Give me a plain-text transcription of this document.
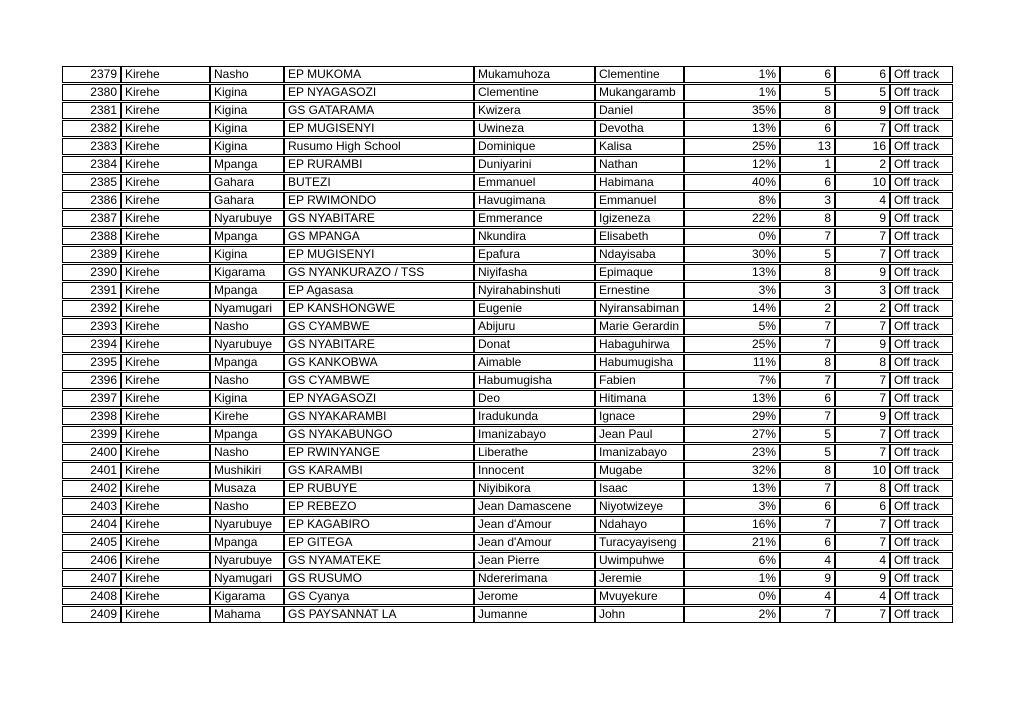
2379	Kirehe	Nasho	EP MUKOMA	Mukamuhoza	Clementine	1%	6	6	Off track
2380	Kirehe	Kigina	EP NYAGASOZI	Clementine	Mukangaramb	1%	5	5	Off track
2381	Kirehe	Kigina	GS GATARAMA	Kwizera	Daniel	35%	8	9	Off track
2382	Kirehe	Kigina	EP MUGISENYI	Uwineza	Devotha	13%	6	7	Off track
2383	Kirehe	Kigina	Rusumo High School	Dominique	Kalisa	25%	13	16	Off track
2384	Kirehe	Mpanga	EP RURAMBI	Duniyarini	Nathan	12%	1	2	Off track
2385	Kirehe	Gahara	BUTEZI	Emmanuel	Habimana	40%	6	10	Off track
2386	Kirehe	Gahara	EP RWIMONDO	Havugimana	Emmanuel	8%	3	4	Off track
2387	Kirehe	Nyarubuye	GS NYABITARE	Emmerance	Igizeneza	22%	8	9	Off track
2388	Kirehe	Mpanga	GS MPANGA	Nkundira	Elisabeth	0%	7	7	Off track
2389	Kirehe	Kigina	EP MUGISENYI	Epafura	Ndayisaba	30%	5	7	Off track
2390	Kirehe	Kigarama	GS NYANKURAZO / TSS	Niyifasha	Epimaque	13%	8	9	Off track
2391	Kirehe	Mpanga	EP Agasasa	Nyirahabinshuti	Ernestine	3%	3	3	Off track
2392	Kirehe	Nyamugari	EP KANSHONGWE	Eugenie	Nyiransabiman	14%	2	2	Off track
2393	Kirehe	Nasho	GS CYAMBWE	Abijuru	Marie Gerardin	5%	7	7	Off track
2394	Kirehe	Nyarubuye	GS NYABITARE	Donat	Habaguhirwa	25%	7	9	Off track
2395	Kirehe	Mpanga	GS KANKOBWA	Aimable	Habumugisha	11%	8	8	Off track
2396	Kirehe	Nasho	GS CYAMBWE	Habumugisha	Fabien	7%	7	7	Off track
2397	Kirehe	Kigina	EP NYAGASOZI	Deo	Hitimana	13%	6	7	Off track
2398	Kirehe	Kirehe	GS NYAKARAMBI	Iradukunda	Ignace	29%	7	9	Off track
2399	Kirehe	Mpanga	GS NYAKABUNGO	Imanizabayo	Jean Paul	27%	5	7	Off track
2400	Kirehe	Nasho	EP RWINYANGE	Liberathe	Imanizabayo	23%	5	7	Off track
2401	Kirehe	Mushikiri	GS KARAMBI	Innocent	Mugabe	32%	8	10	Off track
2402	Kirehe	Musaza	EP RUBUYE	Niyibikora	Isaac	13%	7	8	Off track
2403	Kirehe	Nasho	EP REBEZO	Jean Damascene	Niyotwizeye	3%	6	6	Off track
2404	Kirehe	Nyarubuye	EP KAGABIRO	Jean d'Amour	Ndahayo	16%	7	7	Off track
2405	Kirehe	Mpanga	EP GITEGA	Jean d'Amour	Turacyayiseng	21%	6	7	Off track
2406	Kirehe	Nyarubuye	GS NYAMATEKE	Jean Pierre	Uwimpuhwe	6%	4	4	Off track
2407	Kirehe	Nyamugari	GS RUSUMO	Ndererimana	Jeremie	1%	9	9	Off track
2408	Kirehe	Kigarama	GS Cyanya	Jerome	Mvuyekure	0%	4	4	Off track
2409	Kirehe	Mahama	GS PAYSANNAT LA	Jumanne	John	2%	7	7	Off track
